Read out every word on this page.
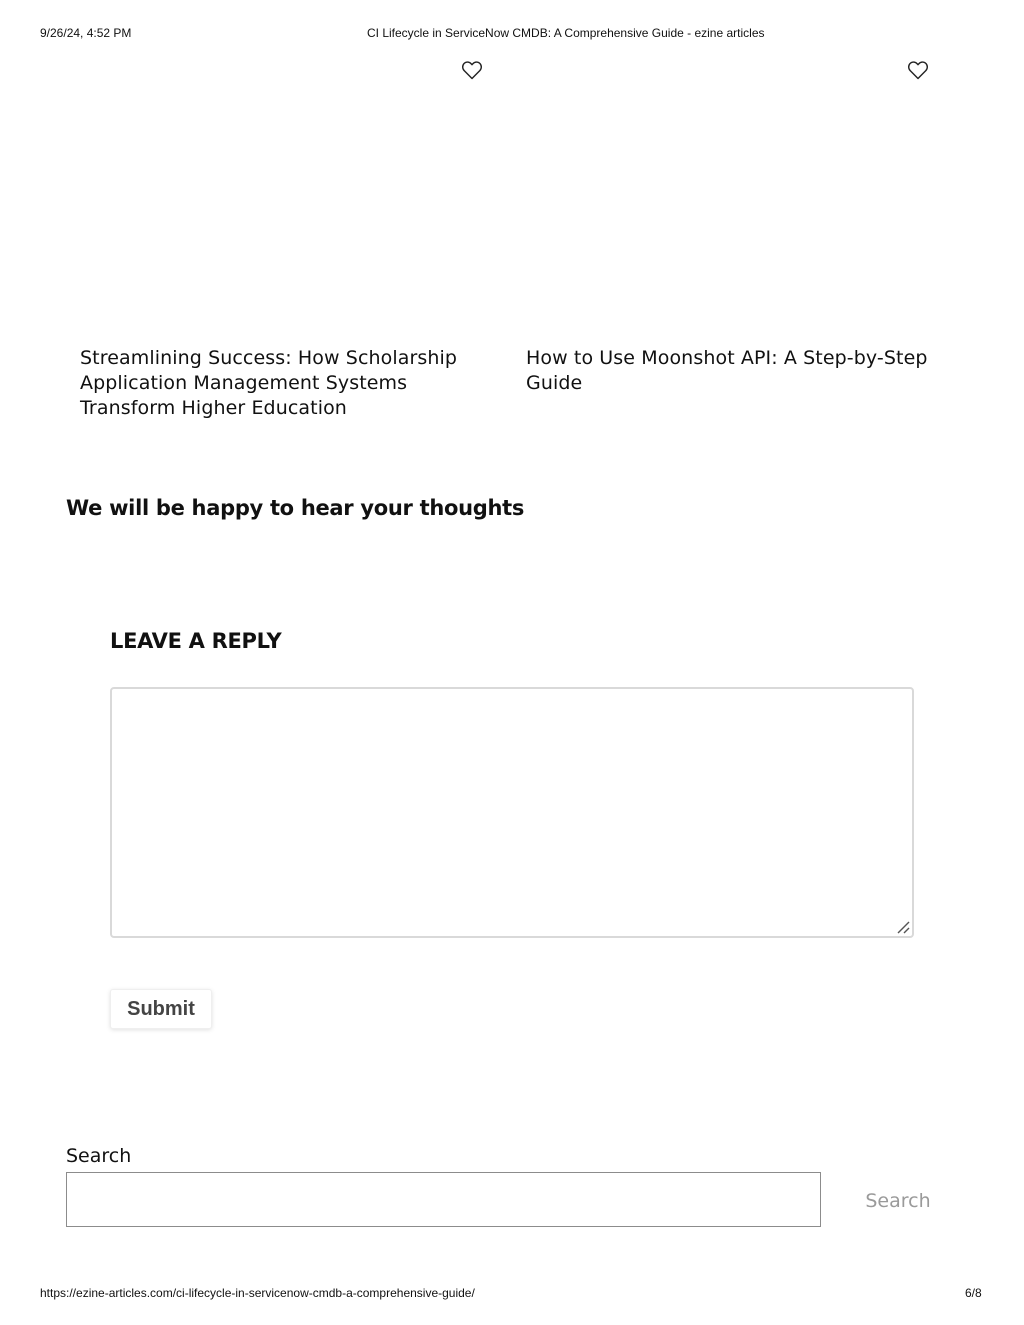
9/26/24, 4:52 PM	CI Lifecycle in ServiceNow CMDB: A Comprehensive Guide - ezine articles
Streamlining Success: How Scholarship Application Management Systems Transform Higher Education
How to Use Moonshot API: A Step-by-Step Guide
We will be happy to hear your thoughts
LEAVE A REPLY
Submit
Search
Search
https://ezine-articles.com/ci-lifecycle-in-servicenow-cmdb-a-comprehensive-guide/	6/8
